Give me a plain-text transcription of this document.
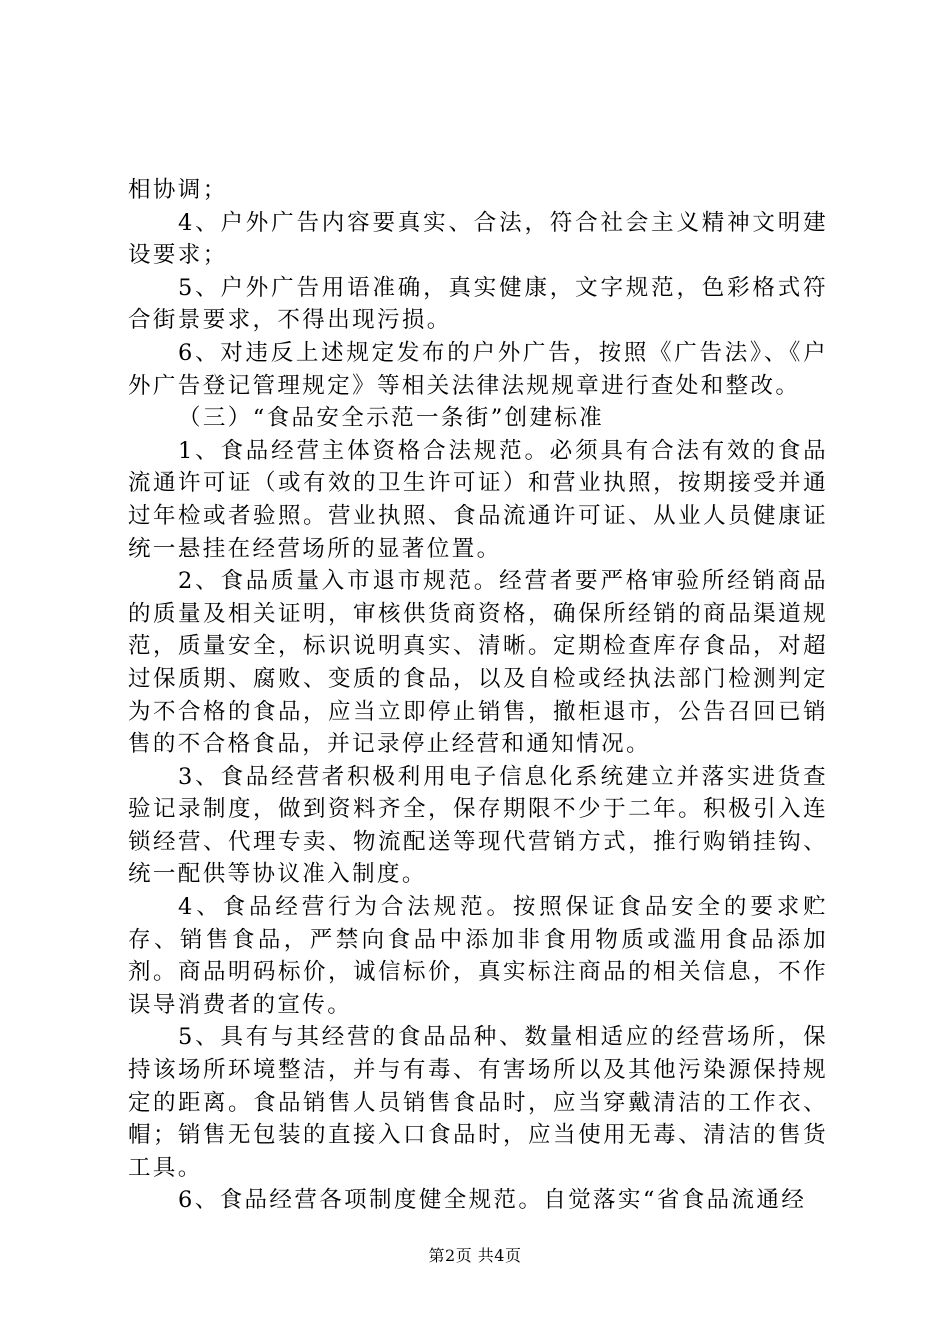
相协调；

4、户外广告内容要真实、合法，符合社会主义精神文明建设要求；

5、户外广告用语准确，真实健康，文字规范，色彩格式符合街景要求，不得出现污损。

6、对违反上述规定发布的户外广告，按照《广告法》、《户外广告登记管理规定》等相关法律法规规章进行查处和整改。

（三）“食品安全示范一条街”创建标准

1、食品经营主体资格合法规范。必须具有合法有效的食品流通许可证（或有效的卫生许可证）和营业执照，按期接受并通过年检或者验照。营业执照、食品流通许可证、从业人员健康证统一悬挂在经营场所的显著位置。

2、食品质量入市退市规范。经营者要严格审验所经销商品的质量及相关证明，审核供货商资格，确保所经销的商品渠道规范，质量安全，标识说明真实、清晰。定期检查库存食品，对超过保质期、腐败、变质的食品，以及自检或经执法部门检测判定为不合格的食品，应当立即停止销售，撤柜退市，公告召回已销售的不合格食品，并记录停止经营和通知情况。

3、食品经营者积极利用电子信息化系统建立并落实进货查验记录制度，做到资料齐全，保存期限不少于二年。积极引入连锁经营、代理专卖、物流配送等现代营销方式，推行购销挂钩、统一配供等协议准入制度。

4、食品经营行为合法规范。按照保证食品安全的要求贮存、销售食品，严禁向食品中添加非食用物质或滥用食品添加剂。商品明码标价，诚信标价，真实标注商品的相关信息，不作误导消费者的宣传。

5、具有与其经营的食品品种、数量相适应的经营场所，保持该场所环境整洁，并与有毒、有害场所以及其他污染源保持规定的距离。食品销售人员销售食品时，应当穿戴清洁的工作衣、帽；销售无包装的直接入口食品时，应当使用无毒、清洁的售货工具。

6、食品经营各项制度健全规范。自觉落实“省食品流通经

第2页 共4页
